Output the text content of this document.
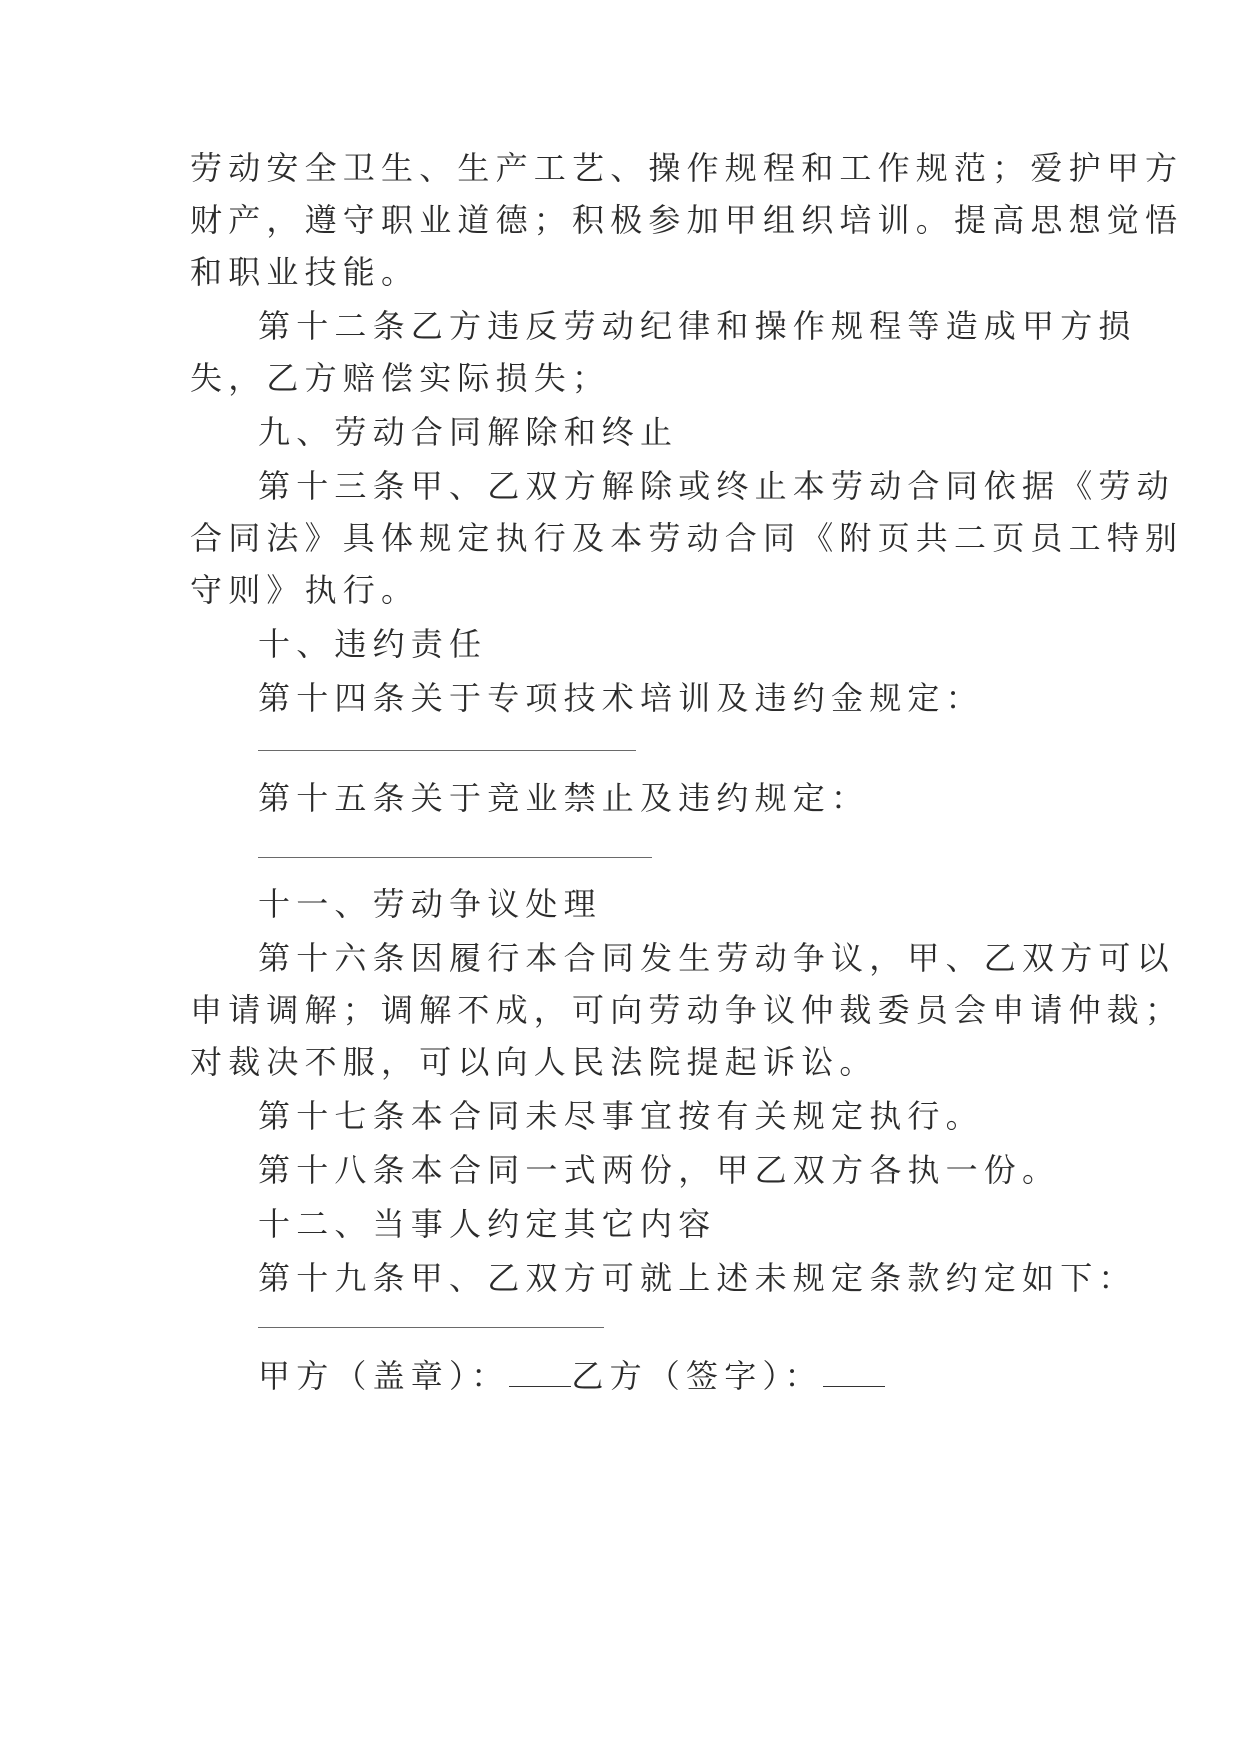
劳动安全卫生、生产工艺、操作规程和工作规范；爱护甲方
财产，遵守职业道德；积极参加甲组织培训。提高思想觉悟
和职业技能。
第十二条乙方违反劳动纪律和操作规程等造成甲方损
失，乙方赔偿实际损失；
九、劳动合同解除和终止
第十三条甲、乙双方解除或终止本劳动合同依据《劳动
合同法》具体规定执行及本劳动合同《附页共二页员工特别
守则》执行。
十、违约责任
第十四条关于专项技术培训及违约金规定：
第十五条关于竞业禁止及违约规定：
十一、劳动争议处理
第十六条因履行本合同发生劳动争议，甲、乙双方可以
申请调解；调解不成，可向劳动争议仲裁委员会申请仲裁；
对裁决不服，可以向人民法院提起诉讼。
第十七条本合同未尽事宜按有关规定执行。
第十八条本合同一式两份，甲乙双方各执一份。
十二、当事人约定其它内容
第十九条甲、乙双方可就上述未规定条款约定如下：
甲方（盖章）： 乙方（签字）：
